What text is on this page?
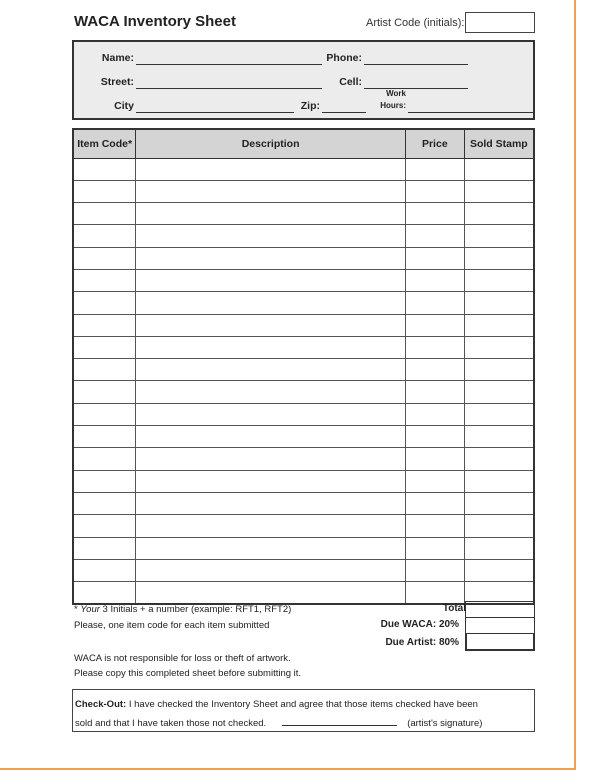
WACA Inventory Sheet	Artist Code (initials):
Name:	Phone:
Street:	Cell:
City	Zip:
Work
Hours:
Item Code*	Description	Price	Sold Stamp

* Your 3 Initials + a number (example: RFT1, RFT2)
Please, one item code for each item submitted
WACA is not responsible for loss or theft of artwork.
Please copy this completed sheet before submitting it.
Total
Due WACA: 20%
Due Artist: 80%
Check-Out: I have checked the Inventory Sheet and agree that those items checked have been
sold and that I have taken those not checked.	(artist's signature)
